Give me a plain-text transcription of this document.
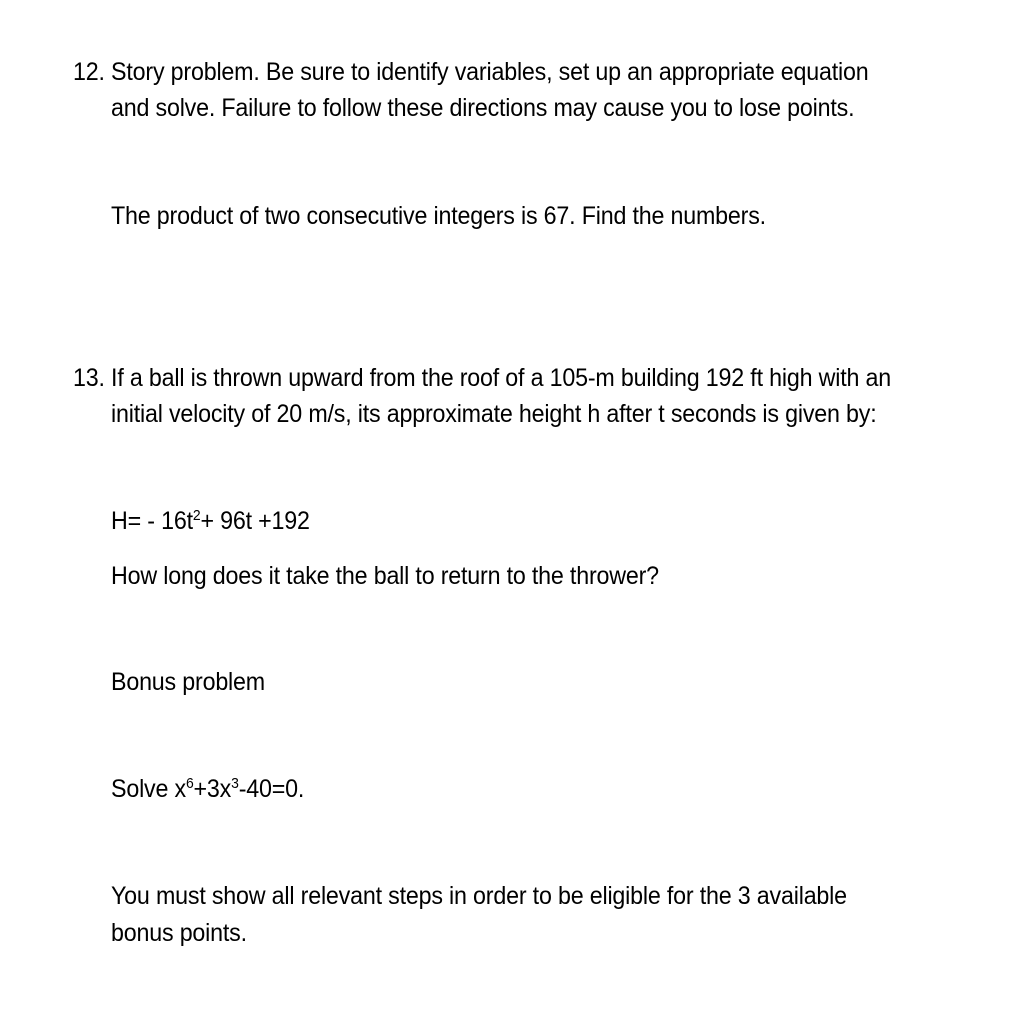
12. Story problem. Be sure to identify variables, set up an appropriate equation
and solve. Failure to follow these directions may cause you to lose points.
The product of two consecutive integers is 67. Find the numbers.
13. If a ball is thrown upward from the roof of a 105-m building 192 ft high with an
initial velocity of 20 m/s, its approximate height h after t seconds is given by:
$H= - 16t^2+ 96t +192$
How long does it take the ball to return to the thrower?
Bonus problem
Solve $x^6+3x^3-40=0$.
You must show all relevant steps in order to be eligible for the 3 available
bonus points.
